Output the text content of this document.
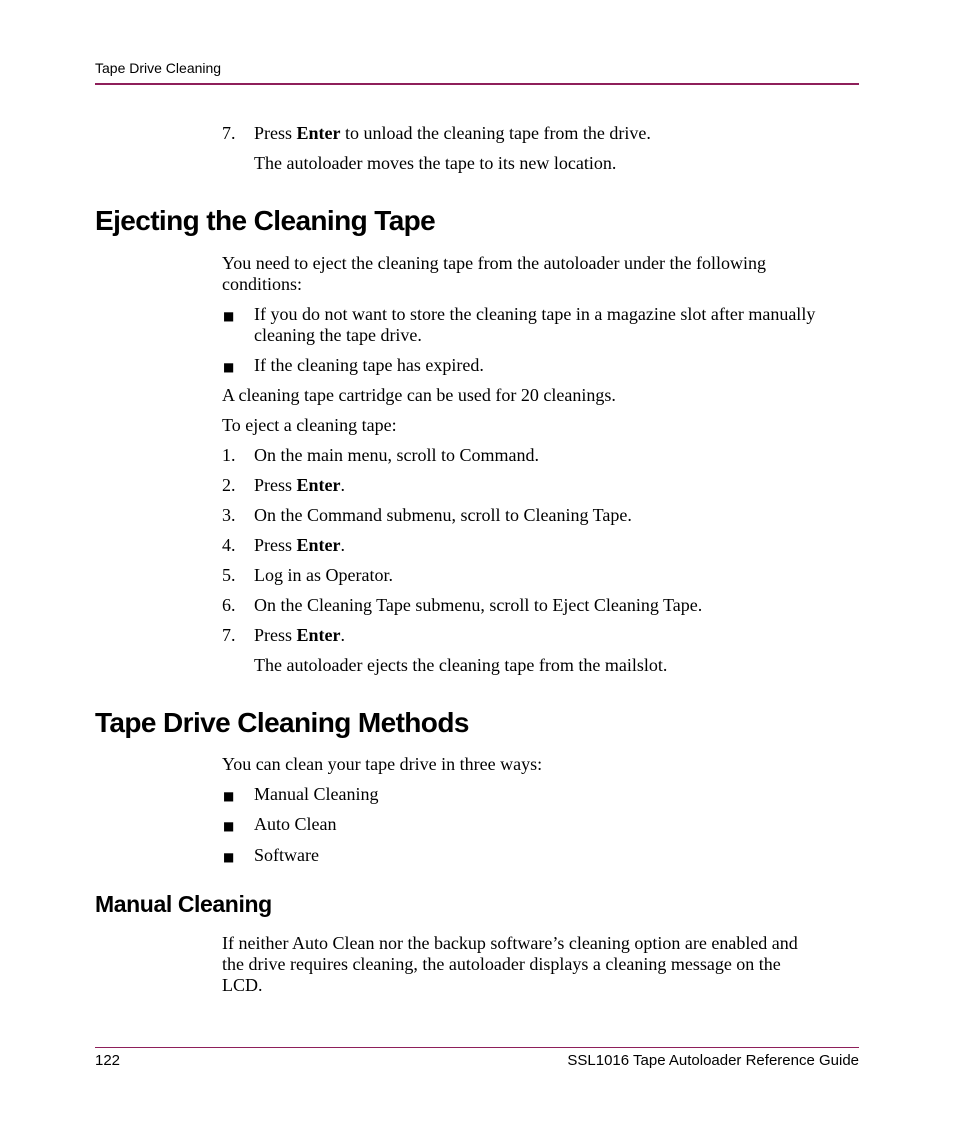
Tape Drive Cleaning
7. Press Enter to unload the cleaning tape from the drive.

The autoloader moves the tape to its new location.

Ejecting the Cleaning Tape

You need to eject the cleaning tape from the autoloader under the following

conditions:

■ If you do not want to store the cleaning tape in a magazine slot after manually

cleaning the tape drive.

■ If the cleaning tape has expired.

A cleaning tape cartridge can be used for 20 cleanings.

To eject a cleaning tape:

1. On the main menu, scroll to Command.

2. Press Enter.

3. On the Command submenu, scroll to Cleaning Tape.

4. Press Enter.

5. Log in as Operator.

6. On the Cleaning Tape submenu, scroll to Eject Cleaning Tape.

7. Press Enter.

The autoloader ejects the cleaning tape from the mailslot.

Tape Drive Cleaning Methods

You can clean your tape drive in three ways:

■ Manual Cleaning

■ Auto Clean

■ Software

Manual Cleaning

If neither Auto Clean nor the backup software’s cleaning option are enabled and

the drive requires cleaning, the autoloader displays a cleaning message on the

LCD.

122	SSL1016 Tape Autoloader Reference Guide
